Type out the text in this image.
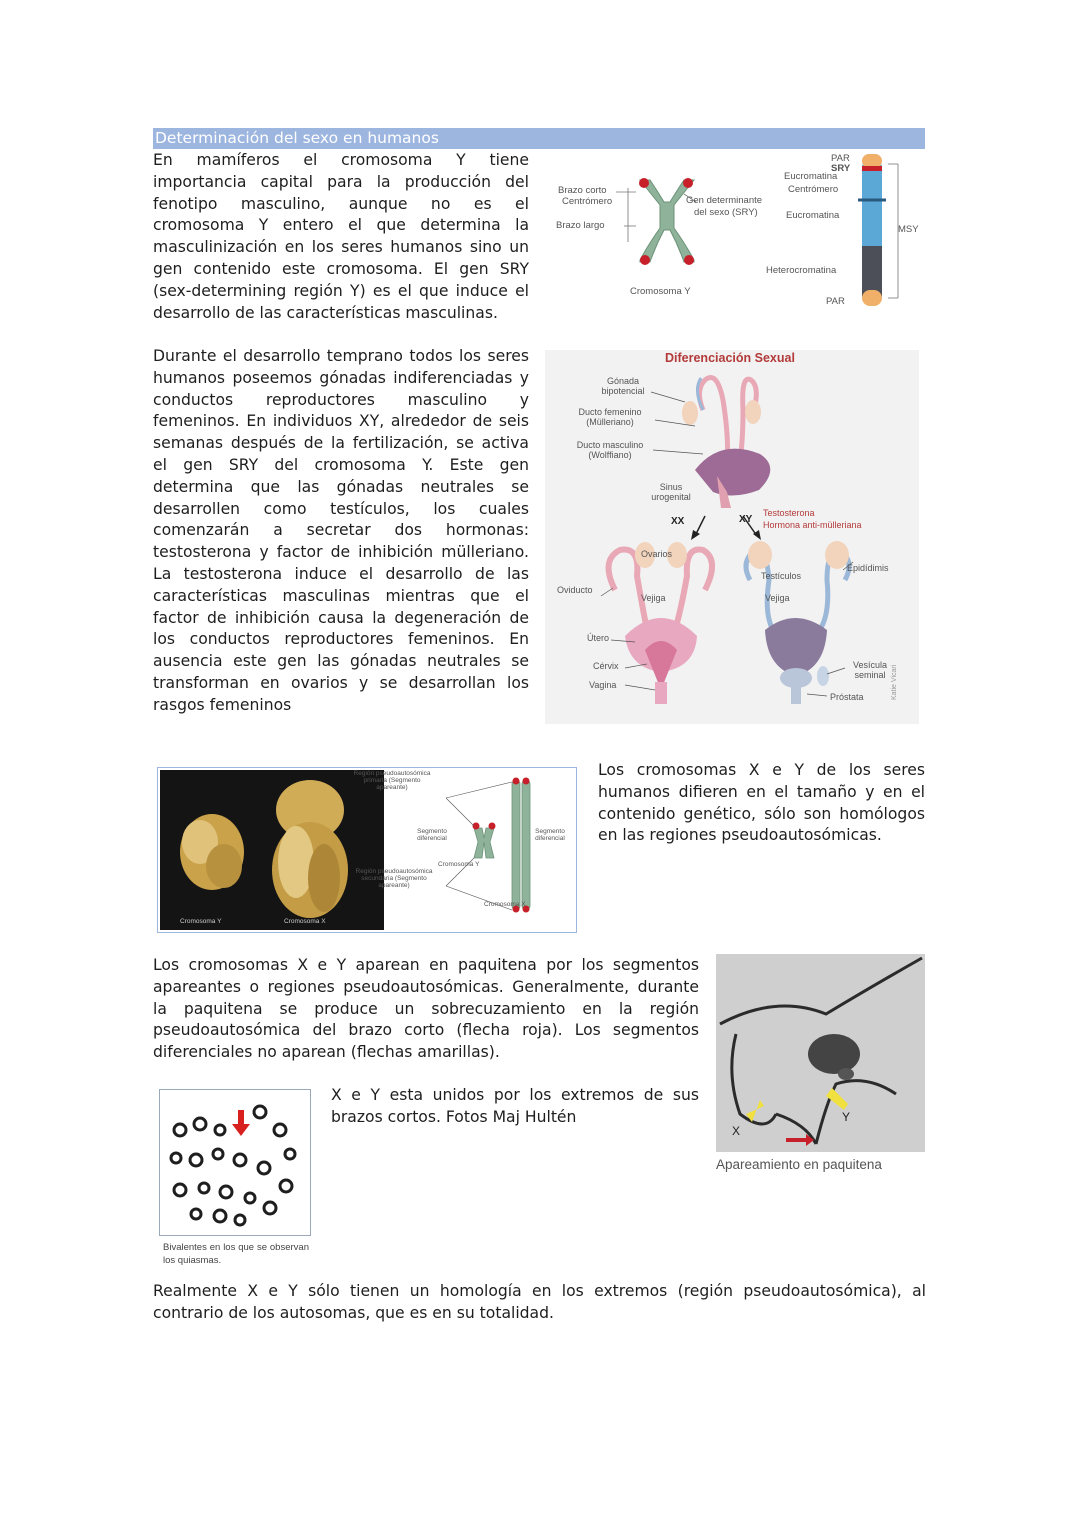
Determinación del sexo en humanos

En mamíferos el cromosoma Y tiene importancia capital para la producción del fenotipo masculino, aunque no es el cromosoma Y entero el que determina la masculinización en los seres humanos sino un gen contenido este cromosoma. El gen SRY (sex-determining región Y) es el que induce el desarrollo de las características masculinas.

Brazo corto
Centrómero
Brazo largo
Gen determinante
del sexo (SRY)
Cromosoma Y
PAR
SRY
Eucromatina
Centrómero
Eucromatina
MSY
Heterocromatina
PAR

Durante el desarrollo temprano todos los seres humanos poseemos gónadas indiferenciadas y conductos reproductores masculino y femeninos. En individuos XY, alrededor de seis semanas después de la fertilización, se activa el gen SRY del cromosoma Y. Este gen determina que las gónadas neutrales se desarrollen como testículos, los cuales comenzarán a secretar dos hormonas: testosterona y factor de inhibición mülleriano. La testosterona induce el desarrollo de las características masculinas mientras que el factor de inhibición causa la degeneración de los conductos reproductores femeninos. En ausencia este gen las gónadas neutrales se transforman en ovarios y se desarrollan los rasgos femeninos

Diferenciación Sexual
Gónada bipotencial
Ducto femenino (Mülleriano)
Ducto masculino (Wolffiano)
Sinus urogenital
XX	XY
Testosterona
Hormona anti-mülleriana
Ovarios
Oviducto
Vejiga
Útero
Cérvix
Vagina
Testículos
Epidídimis
Vejiga
Vesícula seminal
Próstata	Katie Vicari
Cromosoma Y	Cromosoma X
Región pseudoautosómica primaria (Segmento apareante)
Segmento diferencial
Segmento diferencial
Cromosoma Y
Región pseudoautosómica secundaria (Segmento apareante)
Cromosoma X

Los cromosomas X e Y de los seres humanos difieren en el tamaño y en el contenido genético, sólo son homólogos en las regiones pseudoautosómicas.

Los cromosomas X e Y aparean en paquitena por los segmentos apareantes o regiones pseudoautosómicas. Generalmente, durante la paquitena se produce un sobrecuzamiento en la región pseudoautosómica del brazo corto (flecha roja). Los segmentos diferenciales no aparean (flechas amarillas).

X
Y
Apareamiento en paquitena
Bivalentes en los que se observan los quiasmas.

X e Y esta unidos por los extremos de sus brazos cortos. Fotos Maj Hultén

Realmente X e Y sólo tienen un homología en los extremos (región pseudoautosómica), al contrario de los autosomas, que es en su totalidad.
